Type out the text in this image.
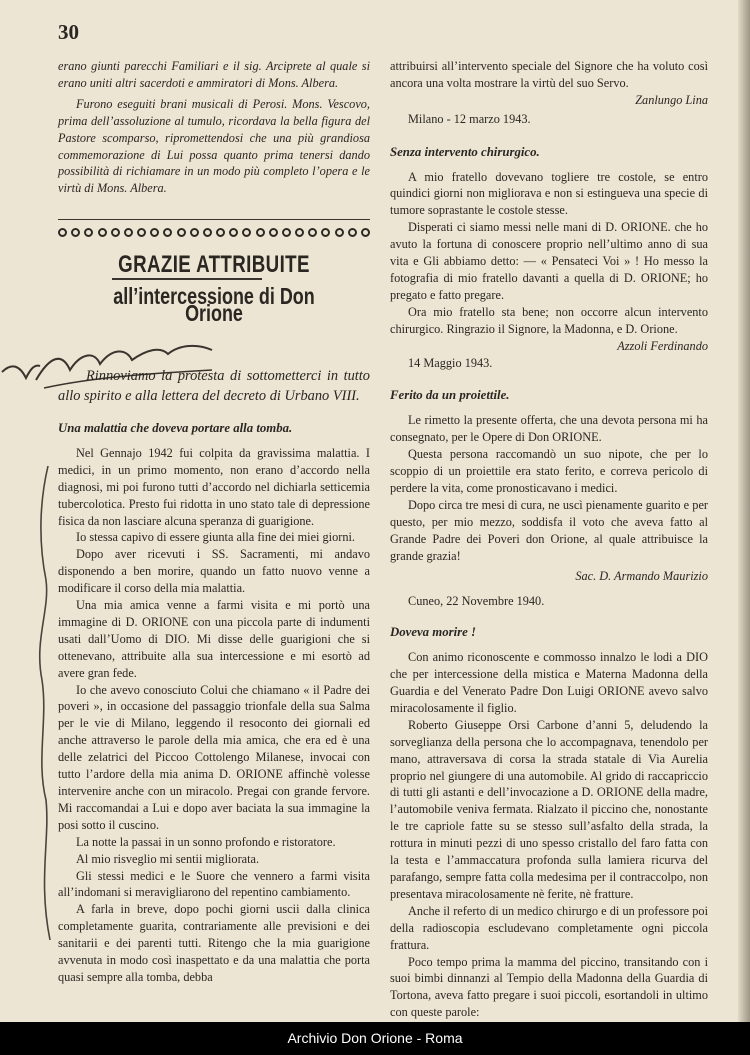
30

erano giunti parecchi Familiari e il sig. Arciprete al quale si erano uniti altri sacerdoti e ammiratori di Mons. Albera.

Furono eseguiti brani musicali di Perosi. Mons. Vescovo, prima dell’assoluzione al tumulo, ricordava la bella figura del Pastore scomparso, ripromettendosi che una più grandiosa commemorazione di Lui possa quanto prima tenersi dando possibilità di richiamare in un modo più completo l’opera e le virtù di Mons. Albera.

GRAZIE ATTRIBUITE
all’intercessione di Don Orione

Rinnoviamo la protesta di sottometterci in tutto allo spirito e alla lettera del decreto di Urbano VIII.

Una malattia che doveva portare alla tomba.

Nel Gennajo 1942 fui colpita da gravissima malattia. I medici, in un primo momento, non erano d’accordo nella diagnosi, mi poi furono tutti d’accordo nel dichiarla setticemia tubercolotica. Presto fui ridotta in uno stato tale di depressione fisica da non lasciare alcuna speranza di guarigione.

Io stessa capivo di essere giunta alla fine dei miei giorni.

Dopo aver ricevuti i SS. Sacramenti, mi andavo disponendo a ben morire, quando un fatto nuovo venne a modificare il corso della mia malattia.

Una mia amica venne a farmi visita e mi portò una immagine di D. ORIONE con una piccola parte di indumenti usati dall’Uomo di DIO. Mi disse delle guarigioni che si ottenevano, attribuite alla sua intercessione e mi esortò ad avere gran fede.

Io che avevo conosciuto Colui che chiamano « il Padre dei poveri », in occasione del passaggio trionfale della sua Salma per le vie di Milano, leggendo il resoconto dei giornali ed anche attraverso le parole della mia amica, che era ed è una delle zelatrici del Piccoo Cottolengo Milanese, invocai con tutto l’ardore della mia anima D. ORIONE affinchè volesse intervenire anche con un miracolo. Pregai con grande fervore. Mi raccomandai a Lui e dopo aver baciata la sua immagine la posi sotto il cuscino.

La notte la passai in un sonno profondo e ristoratore.

Al mio risveglio mi sentii migliorata.

Gli stessi medici e le Suore che vennero a farmi visita all’indomani si meravigliarono del repentino cambiamento.

A farla in breve, dopo pochi giorni uscii dalla clinica completamente guarita, contrariamente alle previsioni e dei sanitarii e dei parenti tutti. Ritengo che la mia guarigione avvenuta in modo così inaspettato e da una malattia che porta quasi sempre alla tomba, debba

attribuirsi all’intervento speciale del Signore che ha voluto così ancora una volta mostrare la virtù del suo Servo.

Zanlungo Lina

Milano - 12 marzo 1943.

Senza intervento chirurgico.

A mio fratello dovevano togliere tre costole, se entro quindici giorni non miglioravа e non si estingueva una specie di tumore soprastante le costole stesse.

Disperati ci siamo messi nelle mani di D. ORIONE. che ho avuto la fortuna di conoscere proprio nell’ultimo anno di sua vita e Gli abbiamo detto: — « Pensateci Voi » ! Ho messo la fotografia di mio fratello davanti a quella di D. ORIONE; ho pregato e fatto pregare.

Ora mio fratello sta bene; non occorre alcun intervento chirurgico. Ringrazio il Signore, la Madonna, e D. Orione.

Azzoli Ferdinando

14 Maggio 1943.

Ferito da un proiettile.

Le rimetto la presente offerta, che una devota persona mi ha consegnato, per le Opere di Don ORIONE.

Questa persona raccomandò un suo nipote, che per lo scoppio di un proiettile era stato ferito, e correva pericolo di perdere la vita, come pronosticavano i medici.

Dopo circa tre mesi di cura, ne uscì pienamente guarito e per questo, per mio mezzo, soddisfa il voto che aveva fatto al Grande Padre dei Poveri don Orione, al quale attribuisce la grande grazia!

Sac. D. Armando Maurizio

Cuneo, 22 Novembre 1940.

Doveva morire !

Con animo riconoscente e commosso innalzo le lodi a DIO che per intercessione della mistica e Materna Madonna della Guardia e del Venerato Padre Don Luigi ORIONE avevo salvo miracolosamente il figlio.

Roberto Giuseppe Orsi Carbone d’anni 5, deludendo la sorveglianza della persona che lo accompagnava, tenendolo per mano, attraversava di corsa la strada statale di Via Aurelia proprio nel giungere di una automobile. Al grido di raccapriccio di tutti gli astanti e dell’invocazione a D. ORIONE della madre, l’automobile veniva fermata. Rialzato il piccino che, nonostante le tre capriole fatte su se stesso sull’asfalto della strada, la rottura in minuti pezzi di uno spesso cristallo del faro fatta con la testa e l’ammaccatura profonda sulla lamiera ricurva del parafango, sempre fatta colla medesima per il contraccolpo, non presentava miracolosamente nè ferite, nè fratture.

Anche il referto di un medico chirurgo e di un professore poi della radioscopia escludevano completamente ogni piccola frattura.

Poco tempo prima la mamma del piccino, transitando con i suoi bimbi dinnanzi al Tempio della Madonna della Guardia di Tortona, aveva fatto pregare i suoi piccoli, esortandoli in ultimo con queste parole:

Archivio Don Orione - Roma
